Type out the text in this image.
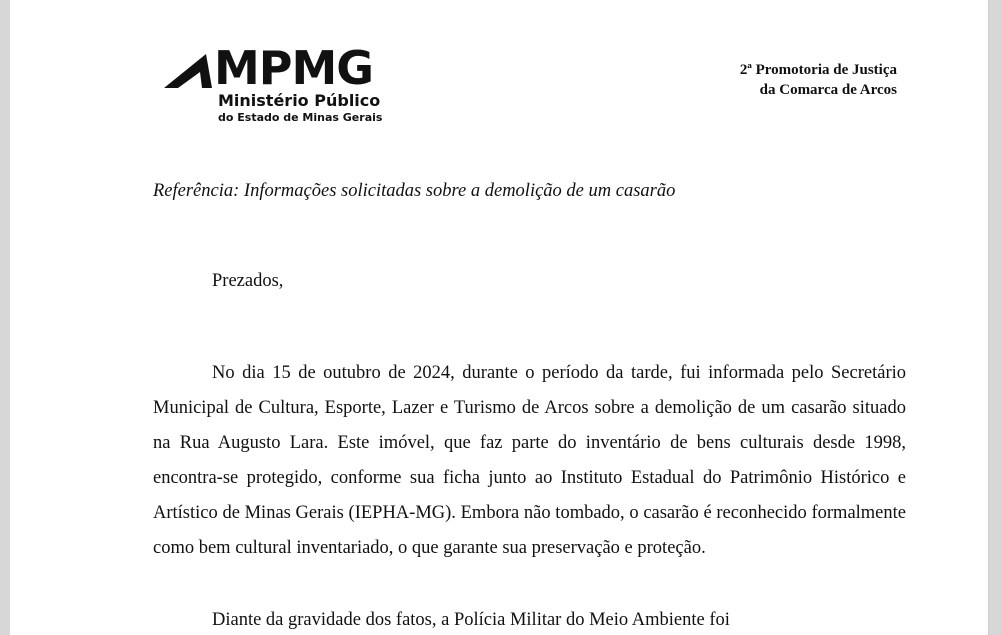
MPMG
Ministério Público
do Estado de Minas Gerais
2ª Promotoria de Justiça
da Comarca de Arcos
Referência: Informações solicitadas sobre a demolição de um casarão
Prezados,
No dia 15 de outubro de 2024, durante o período da tarde, fui informada pelo Secretário Municipal de Cultura, Esporte, Lazer e Turismo de Arcos sobre a demolição de um casarão situado na Rua Augusto Lara. Este imóvel, que faz parte do inventário de bens culturais desde 1998, encontra-se protegido, conforme sua ficha junto ao Instituto Estadual do Patrimônio Histórico e Artístico de Minas Gerais (IEPHA-MG). Embora não tombado, o casarão é reconhecido formalmente como bem cultural inventariado, o que garante sua preservação e proteção.
Diante da gravidade dos fatos, a Polícia Militar do Meio Ambiente foi
